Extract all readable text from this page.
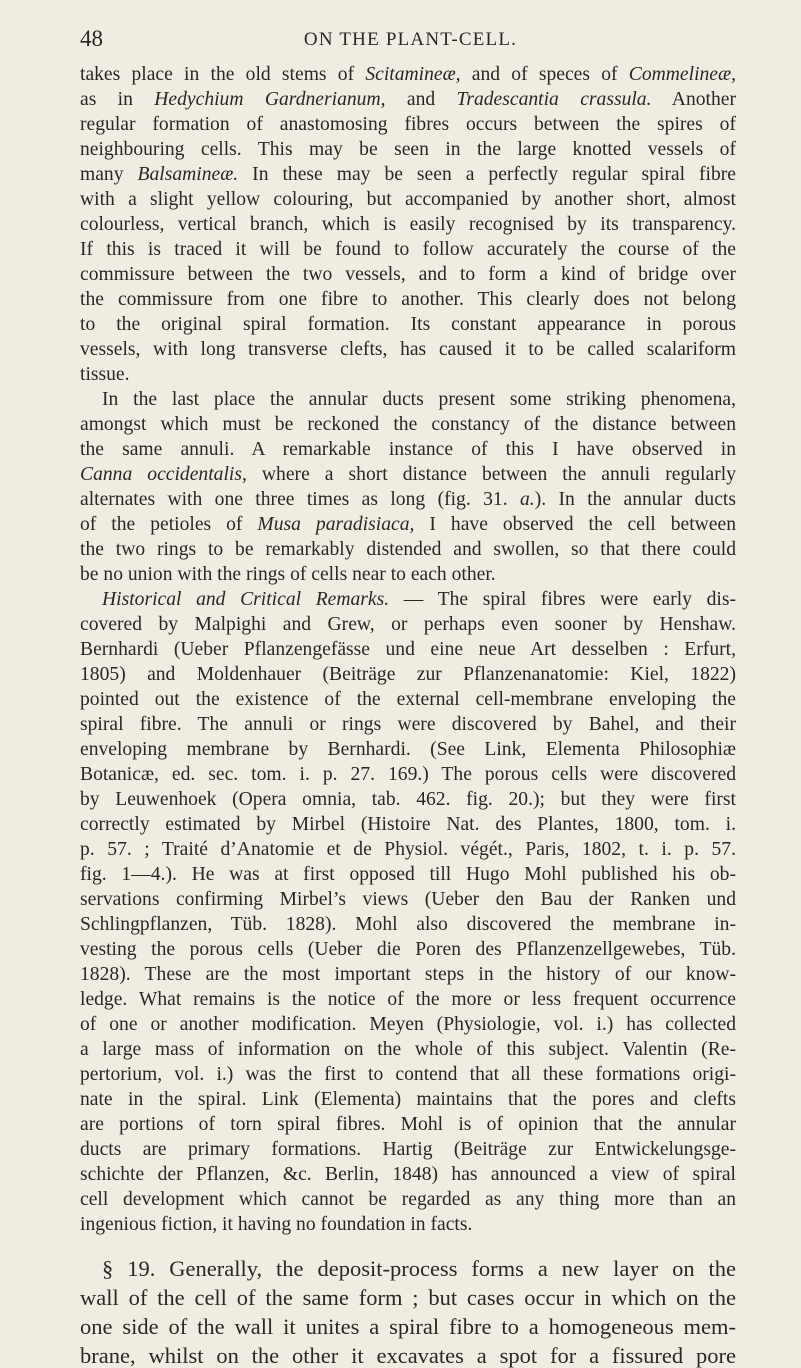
48	ON THE PLANT-CELL.
takes place in the old stems of Scitamineæ, and of speces of Commelineæ,
as in Hedychium Gardnerianum, and Tradescantia crassula. Another
regular formation of anastomosing fibres occurs between the spires of
neighbouring cells. This may be seen in the large knotted vessels of
many Balsamineæ. In these may be seen a perfectly regular spiral fibre
with a slight yellow colouring, but accompanied by another short, almost
colourless, vertical branch, which is easily recognised by its transparency.
If this is traced it will be found to follow accurately the course of the
commissure between the two vessels, and to form a kind of bridge over
the commissure from one fibre to another. This clearly does not belong
to the original spiral formation. Its constant appearance in porous
vessels, with long transverse clefts, has caused it to be called scalariform
tissue.
In the last place the annular ducts present some striking phenomena,
amongst which must be reckoned the constancy of the distance between
the same annuli. A remarkable instance of this I have observed in
Canna occidentalis, where a short distance between the annuli regularly
alternates with one three times as long (fig. 31. a.). In the annular ducts
of the petioles of Musa paradisiaca, I have observed the cell between
the two rings to be remarkably distended and swollen, so that there could
be no union with the rings of cells near to each other.
Historical and Critical Remarks. — The spiral fibres were early dis-
covered by Malpighi and Grew, or perhaps even sooner by Henshaw.
Bernhardi (Ueber Pflanzengefässe und eine neue Art desselben : Erfurt,
1805) and Moldenhauer (Beiträge zur Pflanzenanatomie: Kiel, 1822)
pointed out the existence of the external cell-membrane enveloping the
spiral fibre. The annuli or rings were discovered by Bahel, and their
enveloping membrane by Bernhardi. (See Link, Elementa Philosophiæ
Botanicæ, ed. sec. tom. i. p. 27. 169.) The porous cells were discovered
by Leuwenhoek (Opera omnia, tab. 462. fig. 20.); but they were first
correctly estimated by Mirbel (Histoire Nat. des Plantes, 1800, tom. i.
p. 57. ; Traité d’Anatomie et de Physiol. végét., Paris, 1802, t. i. p. 57.
fig. 1—4.). He was at first opposed till Hugo Mohl published his ob-
servations confirming Mirbel’s views (Ueber den Bau der Ranken und
Schlingpflanzen, Tüb. 1828). Mohl also discovered the membrane in-
vesting the porous cells (Ueber die Poren des Pflanzenzellgewebes, Tüb.
1828). These are the most important steps in the history of our know-
ledge. What remains is the notice of the more or less frequent occurrence
of one or another modification. Meyen (Physiologie, vol. i.) has collected
a large mass of information on the whole of this subject. Valentin (Re-
pertorium, vol. i.) was the first to contend that all these formations origi-
nate in the spiral. Link (Elementa) maintains that the pores and clefts
are portions of torn spiral fibres. Mohl is of opinion that the annular
ducts are primary formations. Hartig (Beiträge zur Entwickelungsge-
schichte der Pflanzen, &c. Berlin, 1848) has announced a view of spiral
cell development which cannot be regarded as any thing more than an
ingenious fiction, it having no foundation in facts.
§ 19. Generally, the deposit-process forms a new layer on the
wall of the cell of the same form ; but cases occur in which on the
one side of the wall it unites a spiral fibre to a homogeneous mem-
brane, whilst on the other it excavates a spot for a fissured pore
